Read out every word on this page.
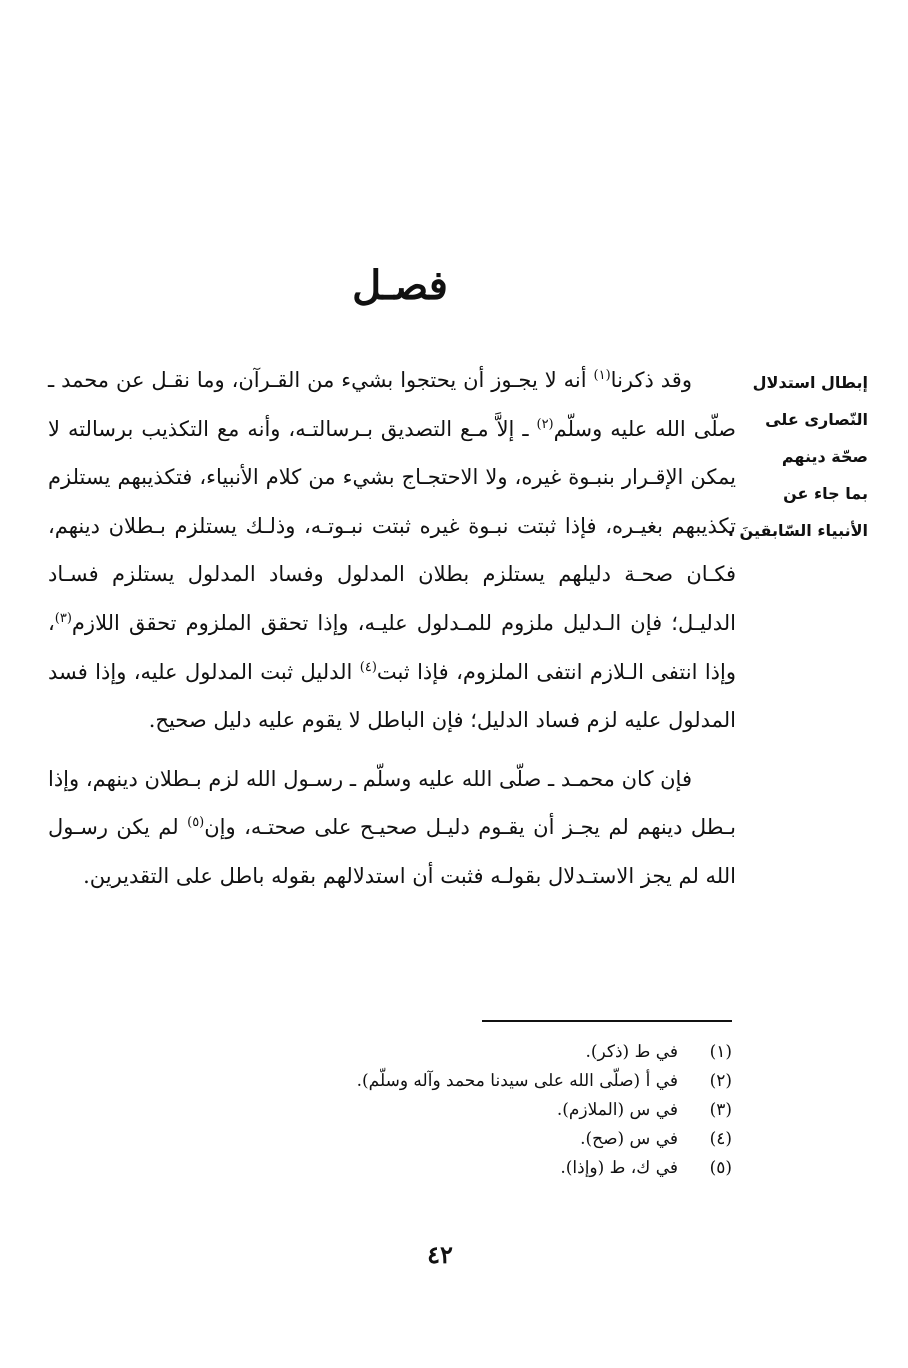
فصـل
إبطال استدلال
النّصارى على
صحّة دينهم
بما جاء عن
الأنبياء السّابقينَ .

وقد ذكرنا$^{(١)}$ أنه لا يجـوز أن يحتجوا بشيء من القـرآن، وما نقـل عن محمد ـ صلّى الله عليه وسلّم$^{(٢)}$ ـ إلاَّ مـع التصديق بـرسالتـه، وأنه مع التكذيب برسالته لا يمكن الإقـرار بنبـوة غيره، ولا الاحتجـاج بشيء من كلام الأنبياء، فتكذيبهم يستلزم تكذيبهم بغيـره، فإذا ثبتت نبـوة غيره ثبتت نبـوتـه، وذلـك يستلزم بـطلان دينهم، فكـان صحـة دليلهم يستلزم بطلان المدلول وفساد المدلول يستلزم فسـاد الدليـل؛ فإن الـدليل ملزوم للمـدلول عليـه، وإذا تحقق الملزوم تحقق اللازم$^{(٣)}$، وإذا انتفى الـلازم انتفى الملزوم، فإذا ثبت$^{(٤)}$ الدليل ثبت المدلول عليه، وإذا فسد المدلول عليه لزم فساد الدليل؛ فإن الباطل لا يقوم عليه دليل صحيح.

فإن كان محمـد ـ صلّى الله عليه وسلّم ـ رسـول الله لزم بـطلان دينهم، وإذا بـطل دينهم لم يجـز أن يقـوم دليـل صحيـح على صحتـه، وإن$^{(٥)}$ لم يكن رسـول الله لم يجز الاستـدلال بقولـه فثبت أن استدلالهم بقوله باطل على التقديرين.

(١)
في ط (ذكر).
(٢)
في أ (صلّى الله على سيدنا محمد وآله وسلّم).
(٣)
في س (الملازم).
(٤)
في س (صح).
(٥)
في ك، ط (وإذا).
٤٢
